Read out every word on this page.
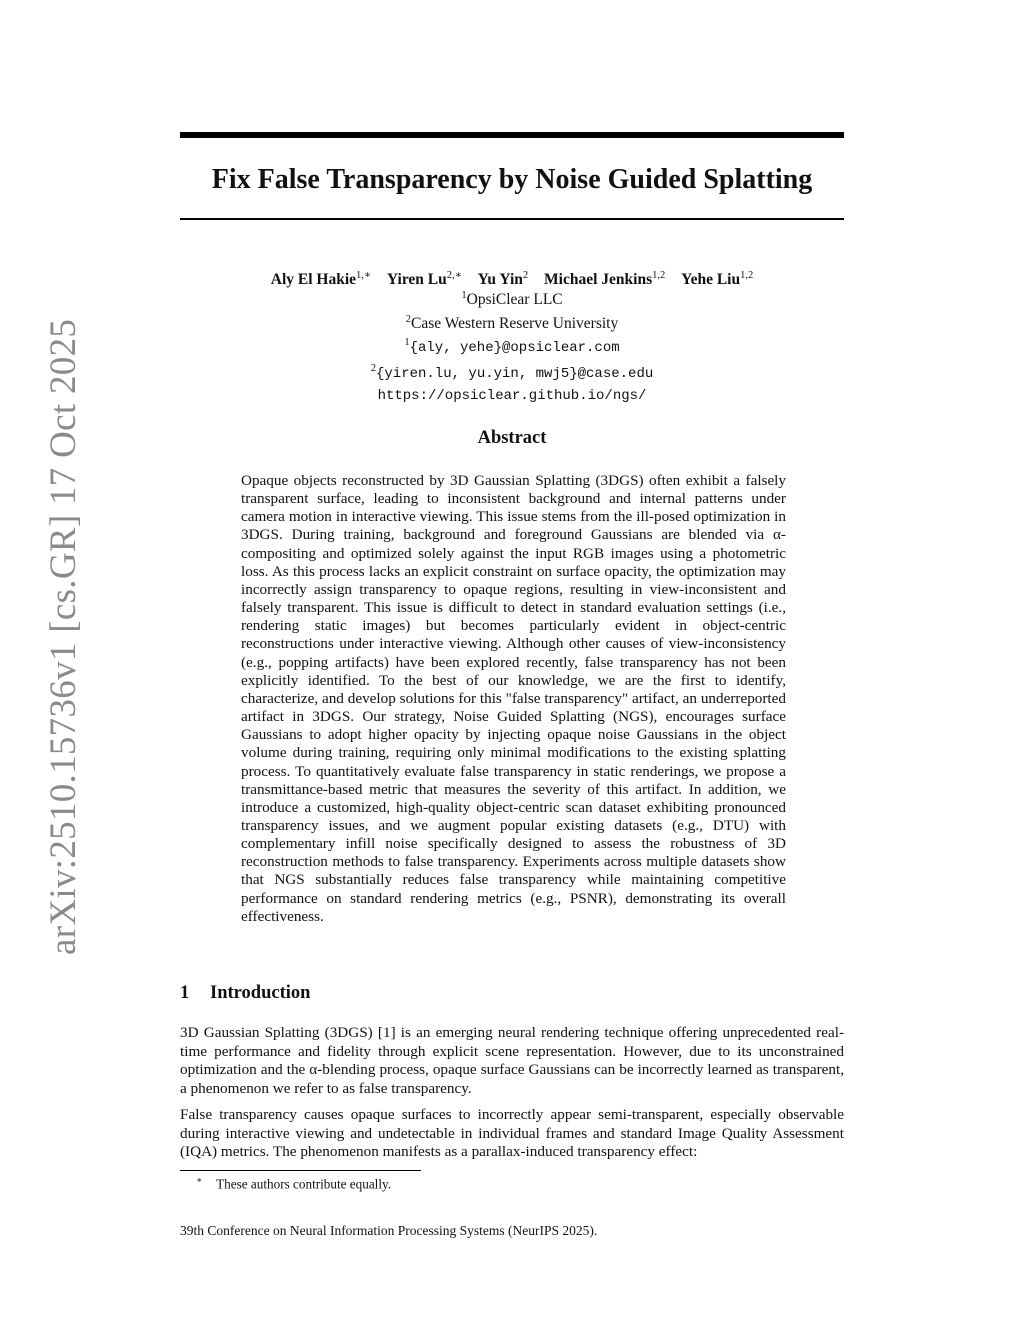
arXiv:2510.15736v1 [cs.GR] 17 Oct 2025
Fix False Transparency by Noise Guided Splatting
Aly El Hakie$^{1,∗}$ Yiren $Lu^{2,∗}$ Yu Yin$^2$ Michael Jenkins$^{1,2}$ Yehe Liu$^{1,2}$
$^1$OpsiClear LLC
$^2$Case Western Reserve University
$^1${aly, yehe}@opsiclear.com
$^2${yiren.lu, yu.yin, mwj5}@case.edu
https://opsiclear.github.io/ngs/
Abstract
Opaque objects reconstructed by 3D Gaussian Splatting (3DGS) often exhibit a falsely transparent surface, leading to inconsistent background and internal patterns under camera motion in interactive viewing. This issue stems from the ill-posed optimization in 3DGS. During training, background and foreground Gaussians are blended via α-compositing and optimized solely against the input RGB images using a photometric loss. As this process lacks an explicit constraint on surface opacity, the optimization may incorrectly assign transparency to opaque regions, resulting in view-inconsistent and falsely transparent. This issue is difficult to detect in standard evaluation settings (i.e., rendering static images) but becomes particularly evident in object-centric reconstructions under interactive viewing. Although other causes of view-inconsistency (e.g., popping artifacts) have been explored recently, false transparency has not been explicitly identified. To the best of our knowledge, we are the first to identify, characterize, and develop solutions for this "false transparency" artifact, an underreported artifact in 3DGS. Our strategy, Noise Guided Splatting (NGS), encourages surface Gaussians to adopt higher opacity by injecting opaque noise Gaussians in the object volume during training, requiring only minimal modifications to the existing splatting process. To quantitatively evaluate false transparency in static renderings, we propose a transmittance-based metric that measures the severity of this artifact. In addition, we introduce a customized, high-quality object-centric scan dataset exhibiting pronounced transparency issues, and we augment popular existing datasets (e.g., DTU) with complementary infill noise specifically designed to assess the robustness of 3D reconstruction methods to false transparency. Experiments across multiple datasets show that NGS substantially reduces false transparency while maintaining competitive performance on standard rendering metrics (e.g., PSNR), demonstrating its overall effectiveness.
1 Introduction
3D Gaussian Splatting (3DGS) [1] is an emerging neural rendering technique offering unprecedented real-time performance and fidelity through explicit scene representation. However, due to its unconstrained optimization and the α-blending process, opaque surface Gaussians can be incorrectly learned as transparent, a phenomenon we refer to as false transparency.
False transparency causes opaque surfaces to incorrectly appear semi-transparent, especially observable during interactive viewing and undetectable in individual frames and standard Image Quality Assessment (IQA) metrics. The phenomenon manifests as a parallax-induced transparency effect:
∗ These authors contribute equally.
39th Conference on Neural Information Processing Systems (NeurIPS 2025).
